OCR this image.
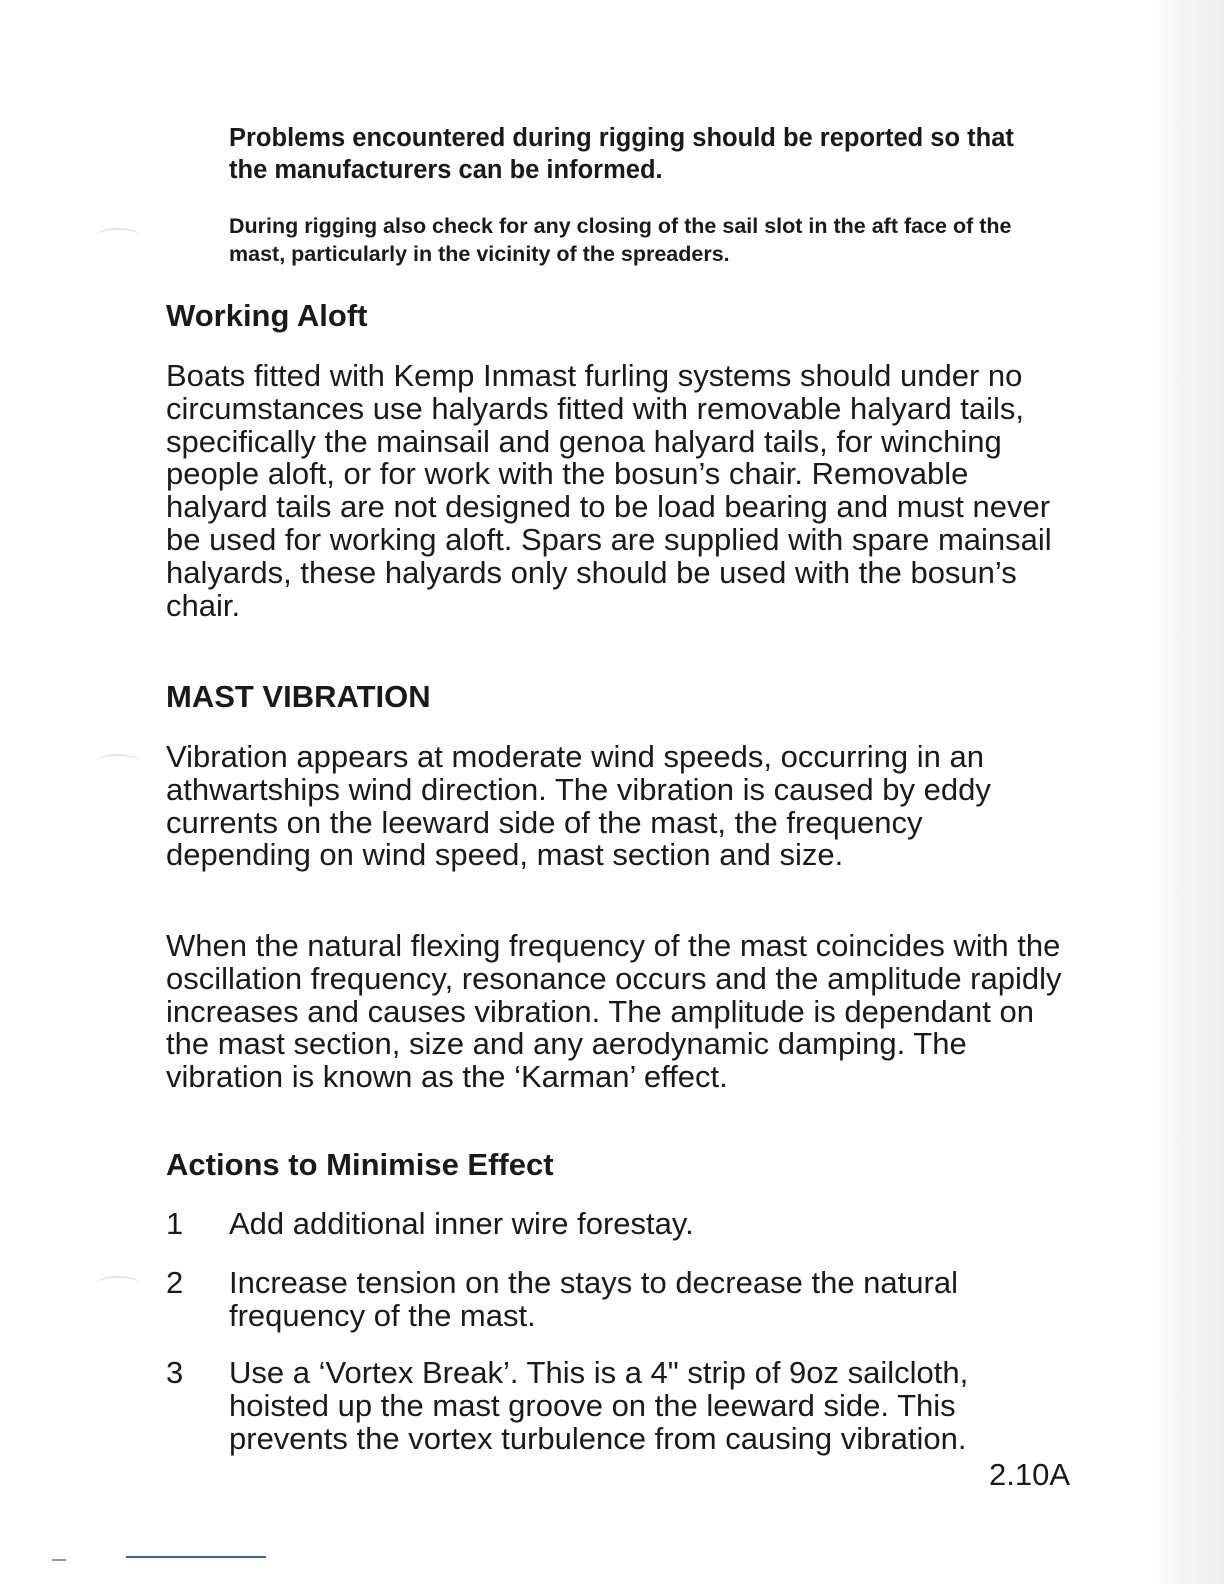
Problems encountered during rigging should be reported so that the manufacturers can be informed.

During rigging also check for any closing of the sail slot in the aft face of the mast, particularly in the vicinity of the spreaders.

Working Aloft

Boats fitted with Kemp Inmast furling systems should under no circumstances use halyards fitted with removable halyard tails, specifically the mainsail and genoa halyard tails, for winching people aloft, or for work with the bosun’s chair. Removable halyard tails are not designed to be load bearing and must never be used for working aloft. Spars are supplied with spare mainsail halyards, these halyards only should be used with the bosun’s chair.

MAST VIBRATION

Vibration appears at moderate wind speeds, occurring in an athwartships wind direction. The vibration is caused by eddy currents on the leeward side of the mast, the frequency depending on wind speed, mast section and size.

When the natural flexing frequency of the mast coincides with the oscillation frequency, resonance occurs and the amplitude rapidly increases and causes vibration. The amplitude is dependant on the mast section, size and any aerodynamic damping. The vibration is known as the ‘Karman’ effect.

Actions to Minimise Effect
1 Add additional inner wire forestay.
2 Increase tension on the stays to decrease the natural frequency of the mast.
3 Use a ‘Vortex Break’. This is a 4" strip of 9oz sailcloth, hoisted up the mast groove on the leeward side. This prevents the vortex turbulence from causing vibration.
2.10A
